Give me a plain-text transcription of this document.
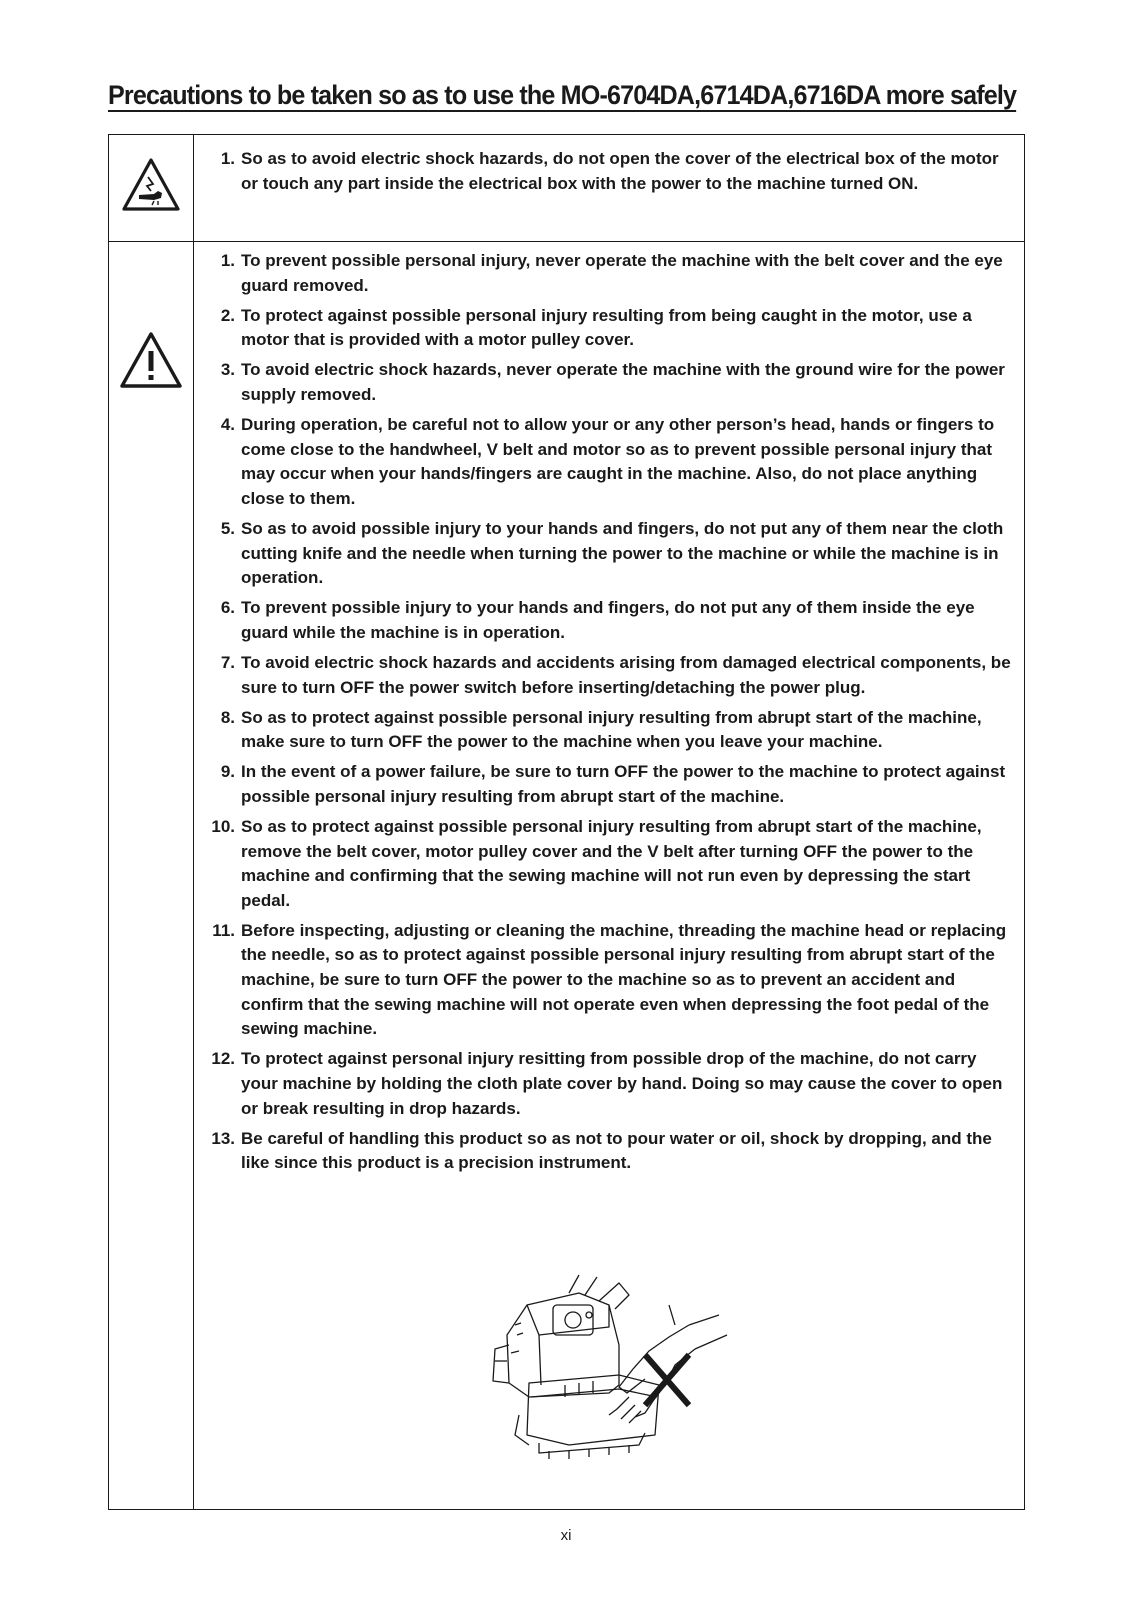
Precautions to be taken so as to use the MO-6704DA,6714DA,6716DA more safely
1. So as to avoid electric shock hazards, do not open the cover of the electrical box of the motor or touch any part inside the electrical box with the power to the machine turned ON.
1. To prevent possible personal injury, never operate the machine with the belt cover and the eye guard removed.
2. To protect against possible personal injury resulting from being caught in the motor, use a motor that is provided with a motor pulley cover.
3. To avoid electric shock hazards, never operate the machine with the ground wire for the power supply removed.
4. During operation, be careful not to allow your or any other person’s head, hands or fingers to come close to the handwheel, V belt and motor so as to prevent possible personal injury that may occur when your hands/fingers are caught in the machine. Also, do not place anything close to them.
5. So as to avoid possible injury to your hands and fingers, do not put any of them near the cloth cutting knife and the needle when turning the power to the machine or while the machine is in operation.
6. To prevent possible injury to your hands and fingers, do not put any of them inside the eye guard while the machine is in operation.
7. To avoid electric shock hazards and accidents arising from damaged electrical components, be sure to turn OFF the power switch before inserting/detaching the power plug.
8. So as to protect against possible personal injury resulting from abrupt start of the machine, make sure to turn OFF the power to the machine when you leave your machine.
9. In the event of a power failure, be sure to turn OFF the power to the machine to protect against possible personal injury resulting from abrupt start of the machine.
10. So as to protect against possible personal injury resulting from abrupt start of the machine, remove the belt cover, motor pulley cover and the V belt after turning OFF the power to the machine and confirming that the sewing machine will not run even by depressing the start pedal.
11. Before inspecting, adjusting or cleaning the machine, threading the machine head or replacing the needle, so as to protect against possible personal injury resulting from abrupt start of the machine, be sure to turn OFF the power to the machine so as to prevent an accident and confirm that the sewing machine will not operate even when depressing the foot pedal of the sewing machine.
12. To protect against personal injury resitting from possible drop of the machine, do not carry your machine by holding the cloth plate cover by hand. Doing so may cause the cover to open or break resulting in drop hazards.
13. Be careful of handling this product so as not to pour water or oil, shock by dropping, and the like since this product is a precision instrument.
xi
